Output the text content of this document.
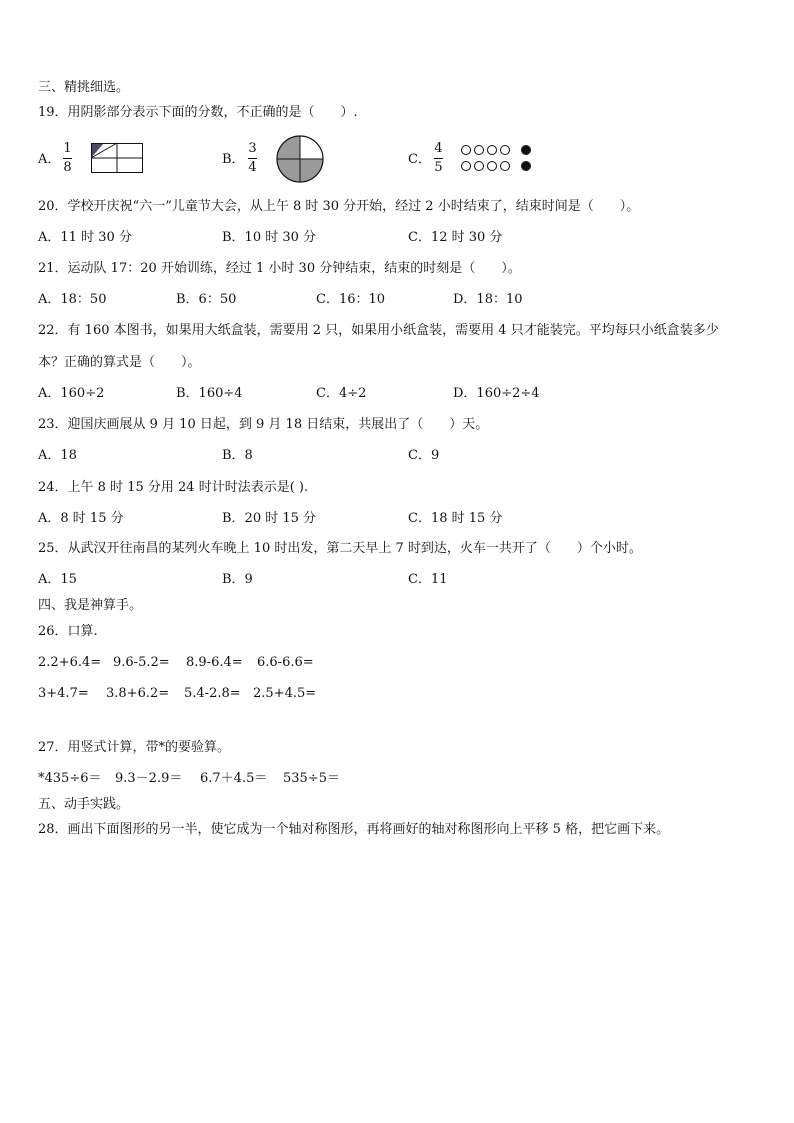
三、精挑细选。
19．用阴影部分表示下面的分数，不正确的是（　　）.
A．
1
8
B．
3
4
C．
4
5
20．学校开庆祝“六一”儿童节大会，从上午 8 时 30 分开始，经过 2 小时结束了，结束时间是（　　）。
A．11 时 30 分	B．10 时 30 分	C．12 时 30 分
21．运动队 17：20 开始训练，经过 1 小时 30 分钟结束，结束的时刻是（　　）。
A．18：50	B．6：50	C．16：10	D．18：10
22．有 160 本图书，如果用大纸盒装，需要用 2 只，如果用小纸盒装，需要用 4 只才能装完。平均每只小纸盒装多少
本？正确的算式是（　　）。
A．160÷2	B．160÷4	C．4÷2	D．160÷2÷4
23．迎国庆画展从 9 月 10 日起，到 9 月 18 日结束，共展出了（　　）天。
A．18	B．8	C．9
24．上午 8 时 15 分用 24 时计时法表示是( ).
A．8 时 15 分	B．20 时 15 分	C．18 时 15 分
25．从武汉开往南昌的某列火车晚上 10 时出发，第二天早上 7 时到达，火车一共开了（　　）个小时。
A．15	B．9	C．11
四、我是神算手。
26．口算.
2.2+6.4= 9.6-5.2= 8.9-6.4= 6.6-6.6=
3+4.7= 3.8+6.2= 5.4-2.8= 2.5+4.5=
27．用竖式计算，带*的要验算。
*435÷6＝ 9.3－2.9＝ 6.7＋4.5＝ 535÷5＝
五、动手实践。
28．画出下面图形的另一半，使它成为一个轴对称图形，再将画好的轴对称图形向上平移 5 格，把它画下来。
